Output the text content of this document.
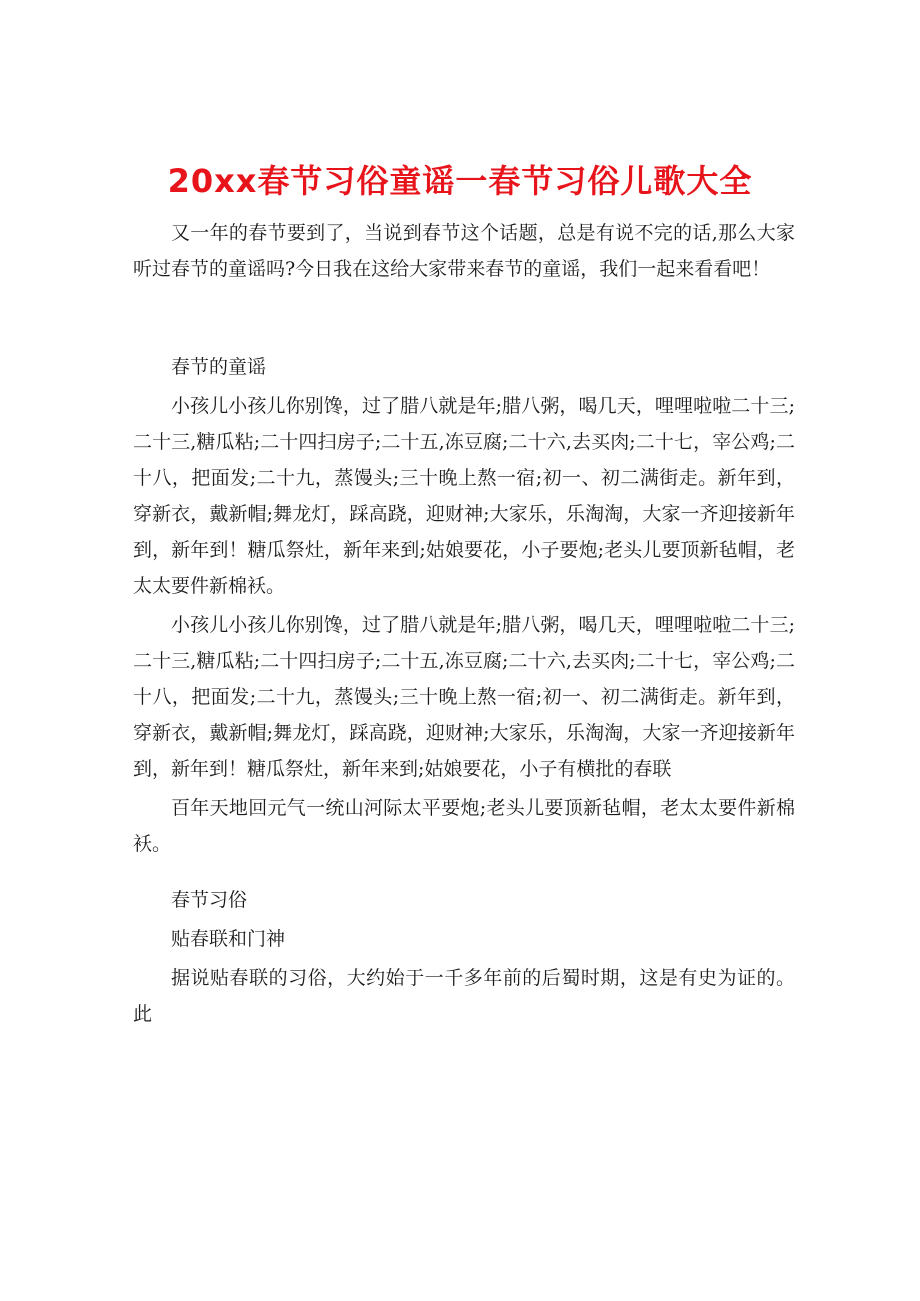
20xx春节习俗童谣一春节习俗儿歌大全

又一年的春节要到了，当说到春节这个话题，总是有说不完的话,那么大家听过春节的童谣吗?今日我在这给大家带来春节的童谣，我们一起来看看吧！

春节的童谣

小孩儿小孩儿你别馋，过了腊八就是年;腊八粥，喝几天，哩哩啦啦二十三;二十三,糖瓜粘;二十四扫房子;二十五,冻豆腐;二十六,去买肉;二十七，宰公鸡;二十八，把面发;二十九，蒸馒头;三十晚上熬一宿;初一、初二满街走。新年到，穿新衣，戴新帽;舞龙灯，踩高跷，迎财神;大家乐，乐淘淘，大家一齐迎接新年到，新年到！糖瓜祭灶，新年来到;姑娘要花，小子要炮;老头儿要顶新毡帽，老太太要件新棉袄。

小孩儿小孩儿你别馋，过了腊八就是年;腊八粥，喝几天，哩哩啦啦二十三;二十三,糖瓜粘;二十四扫房子;二十五,冻豆腐;二十六,去买肉;二十七，宰公鸡;二十八，把面发;二十九，蒸馒头;三十晚上熬一宿;初一、初二满街走。新年到，穿新衣，戴新帽;舞龙灯，踩高跷，迎财神;大家乐，乐淘淘，大家一齐迎接新年到，新年到！糖瓜祭灶，新年来到;姑娘要花，小子有横批的春联

百年天地回元气一统山河际太平要炮;老头儿要顶新毡帽，老太太要件新棉袄。

春节习俗

贴春联和门神

据说贴春联的习俗，大约始于一千多年前的后蜀时期，这是有史为证的。此
